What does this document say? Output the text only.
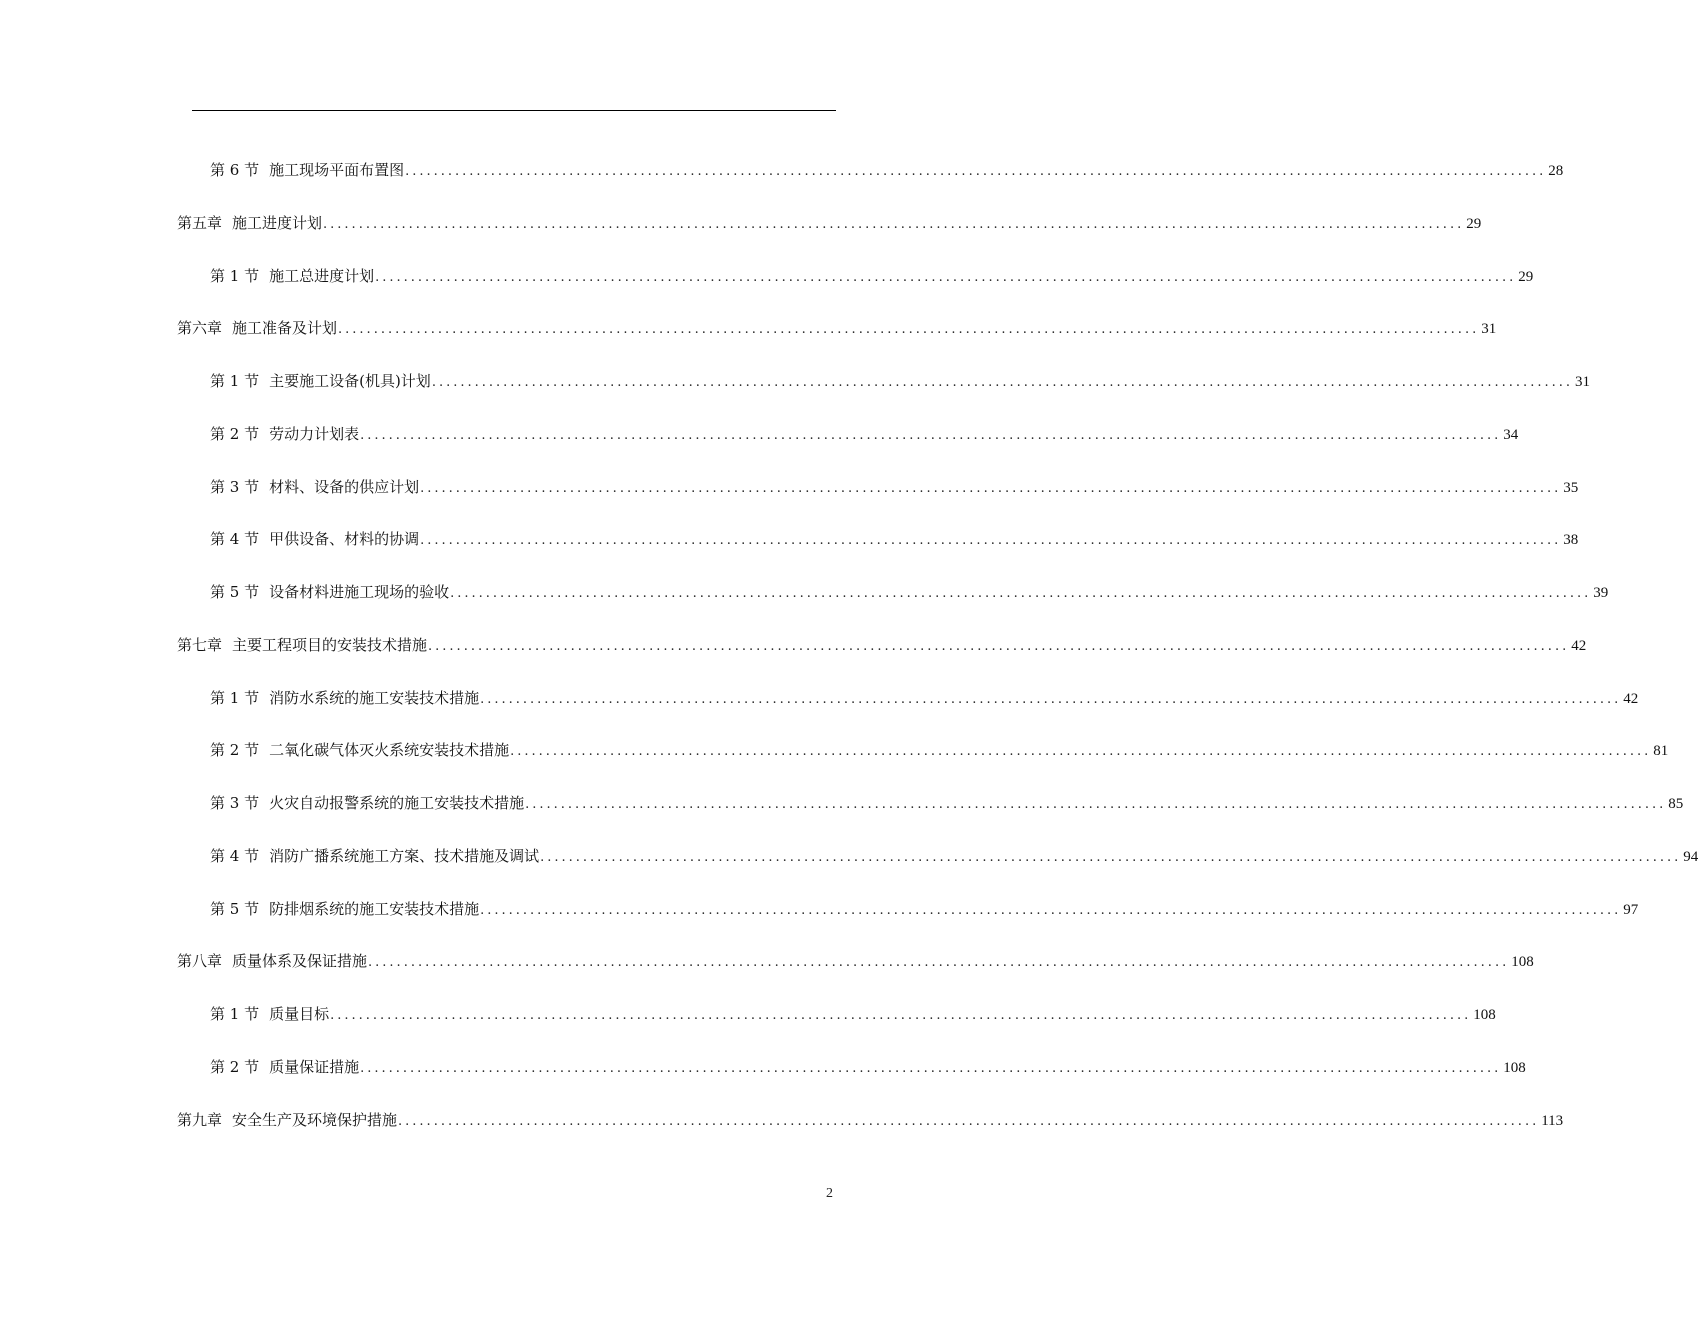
第 6 节 施工现场平面布置图 ................................................................................................................................................................ 28
第五章 施工进度计划 ................................................................................................................................................................ 29
第 1 节 施工总进度计划 ................................................................................................................................................................ 29
第六章 施工准备及计划 ................................................................................................................................................................ 31
第 1 节 主要施工设备(机具)计划 ................................................................................................................................................................ 31
第 2 节 劳动力计划表 ................................................................................................................................................................ 34
第 3 节 材料、设备的供应计划 ................................................................................................................................................................ 35
第 4 节 甲供设备、材料的协调 ................................................................................................................................................................ 38
第 5 节 设备材料进施工现场的验收 ................................................................................................................................................................ 39
第七章 主要工程项目的安装技术措施 ................................................................................................................................................................ 42
第 1 节 消防水系统的施工安装技术措施 ................................................................................................................................................................ 42
第 2 节 二氧化碳气体灭火系统安装技术措施 ................................................................................................................................................................ 81
第 3 节 火灾自动报警系统的施工安装技术措施 ................................................................................................................................................................ 85
第 4 节 消防广播系统施工方案、技术措施及调试 ................................................................................................................................................................ 94
第 5 节 防排烟系统的施工安装技术措施 ................................................................................................................................................................ 97
第八章 质量体系及保证措施 ................................................................................................................................................................ 108
第 1 节 质量目标 ................................................................................................................................................................ 108
第 2 节 质量保证措施 ................................................................................................................................................................ 108
第九章 安全生产及环境保护措施 ................................................................................................................................................................ 113
2
